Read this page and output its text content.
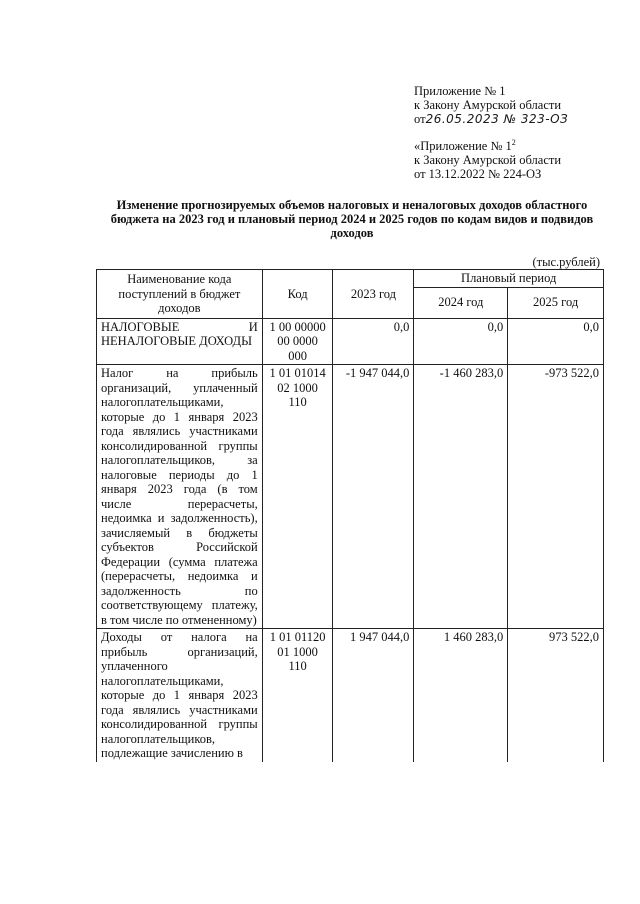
Приложение № 1
к Закону Амурской области
от26.05.2023 № 323-ОЗ
«Приложение № $1^2$
к Закону Амурской области
от 13.12.2022 № 224-ОЗ
Изменение прогнозируемых объемов налоговых и неналоговых доходов областного бюджета на 2023 год и плановый период 2024 и 2025 годов по кодам видов и подвидов доходов
(тыс.рублей)
Наименование кода поступлений в бюджет доходов	Код	2023 год	Плановый период	
			2024 год	2025 год
НАЛОГОВЫЕ И НЕНАЛОГОВЫЕ ДОХОДЫ	1 00 00000 00 0000 000	0,0	0,0	0,0
Налог на прибыль организаций, уплаченный налогоплательщиками, которые до 1 января 2023 года являлись участниками консолидированной группы налогоплательщиков, за налоговые периоды до 1 января 2023 года (в том числе перерасчеты, недоимка и задолженность), зачисляемый в бюджеты субъектов Российской Федерации (сумма платежа (перерасчеты, недоимка и задолженность по соответствующему платежу, в том числе по отмененному)	1 01 01014 02 1000 110	-1 947 044,0	-1 460 283,0	-973 522,0
Доходы от налога на прибыль организаций, уплаченного налогоплательщиками, которые до 1 января 2023 года являлись участниками консолидированной группы налогоплательщиков, подлежащие зачислению в	1 01 01120 01 1000 110	1 947 044,0	1 460 283,0	973 522,0
